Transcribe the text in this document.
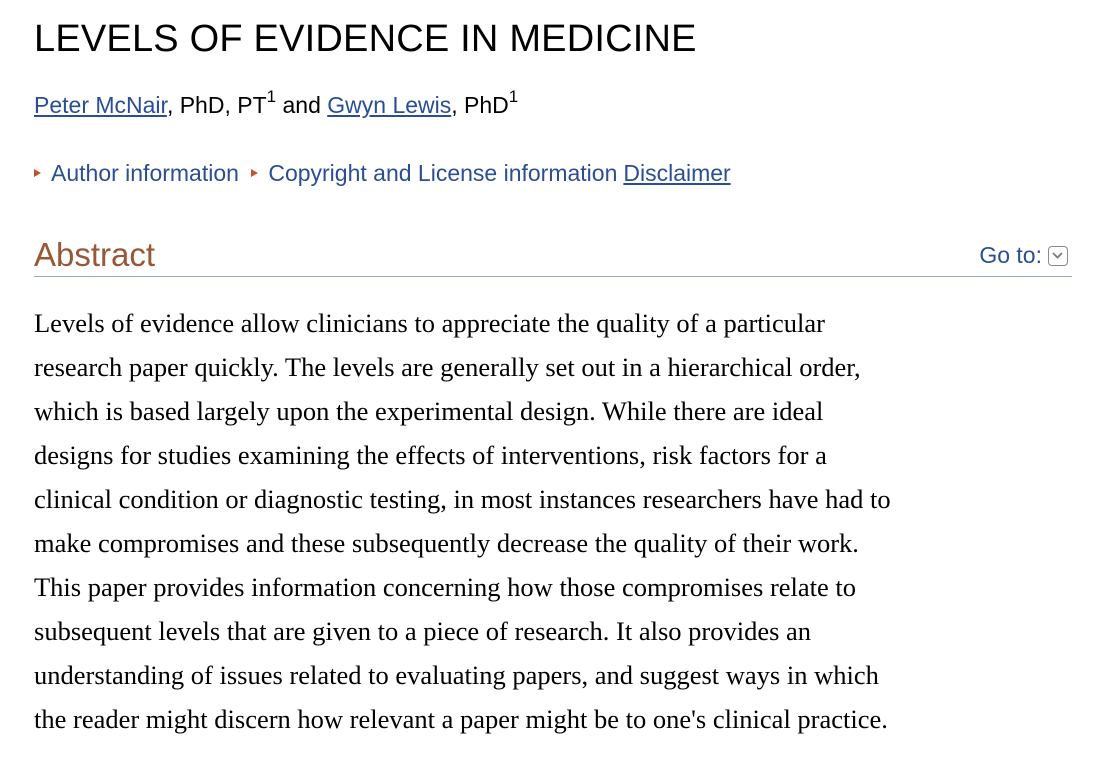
LEVELS OF EVIDENCE IN MEDICINE
Peter McNair, PhD, $PT^1$ and Gwyn Lewis, PhD$^1$
Author information Copyright and License information Disclaimer
Abstract	Go to:

Levels of evidence allow clinicians to appreciate the quality of a particular
research paper quickly. The levels are generally set out in a hierarchical order,
which is based largely upon the experimental design. While there are ideal
designs for studies examining the effects of interventions, risk factors for a
clinical condition or diagnostic testing, in most instances researchers have had to
make compromises and these subsequently decrease the quality of their work.
This paper provides information concerning how those compromises relate to
subsequent levels that are given to a piece of research. It also provides an
understanding of issues related to evaluating papers, and suggest ways in which
the reader might discern how relevant a paper might be to one's clinical practice.
